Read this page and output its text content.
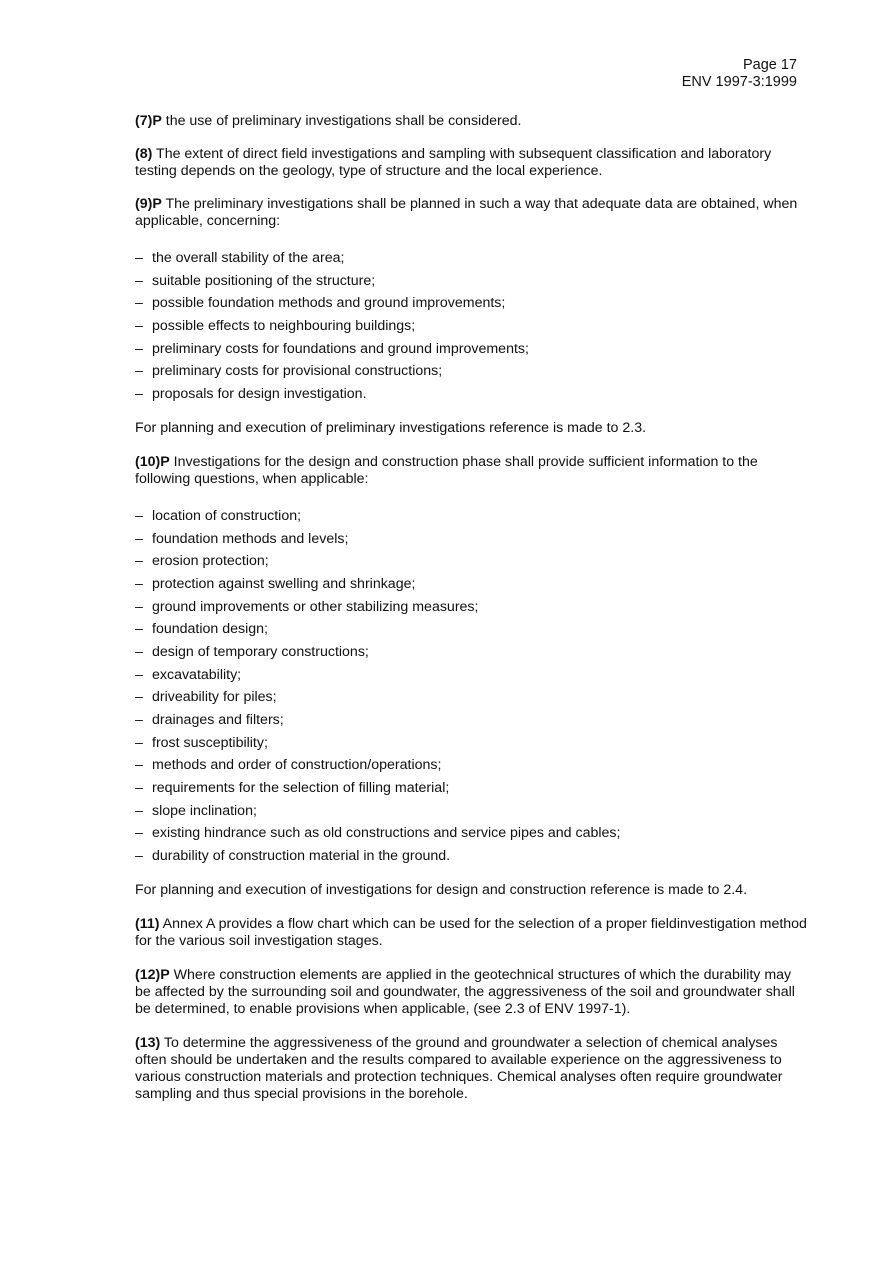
Page 17
ENV 1997-3:1999

(7)P the use of preliminary investigations shall be considered.

(8) The extent of direct field investigations and sampling with subsequent classification and laboratory testing depends on the geology, type of structure and the local experience.

(9)P The preliminary investigations shall be planned in such a way that adequate data are obtained, when applicable, concerning:

– the overall stability of the area;
– suitable positioning of the structure;
– possible foundation methods and ground improvements;
– possible effects to neighbouring buildings;
– preliminary costs for foundations and ground improvements;
– preliminary costs for provisional constructions;
– proposals for design investigation.

For planning and execution of preliminary investigations reference is made to 2.3.

(10)P Investigations for the design and construction phase shall provide sufficient information to the following questions, when applicable:

– location of construction;
– foundation methods and levels;
– erosion protection;
– protection against swelling and shrinkage;
– ground improvements or other stabilizing measures;
– foundation design;
– design of temporary constructions;
– excavatability;
– driveability for piles;
– drainages and filters;
– frost susceptibility;
– methods and order of construction/operations;
– requirements for the selection of filling material;
– slope inclination;
– existing hindrance such as old constructions and service pipes and cables;
– durability of construction material in the ground.

For planning and execution of investigations for design and construction reference is made to 2.4.

(11) Annex A provides a flow chart which can be used for the selection of a proper fieldinvestigation method for the various soil investigation stages.

(12)P Where construction elements are applied in the geotechnical structures of which the durability may be affected by the surrounding soil and goundwater, the aggressiveness of the soil and groundwater shall be determined, to enable provisions when applicable, (see 2.3 of ENV 1997-1).

(13) To determine the aggressiveness of the ground and groundwater a selection of chemical analyses often should be undertaken and the results compared to available experience on the aggressiveness to various construction materials and protection techniques. Chemical analyses often require groundwater sampling and thus special provisions in the borehole.
